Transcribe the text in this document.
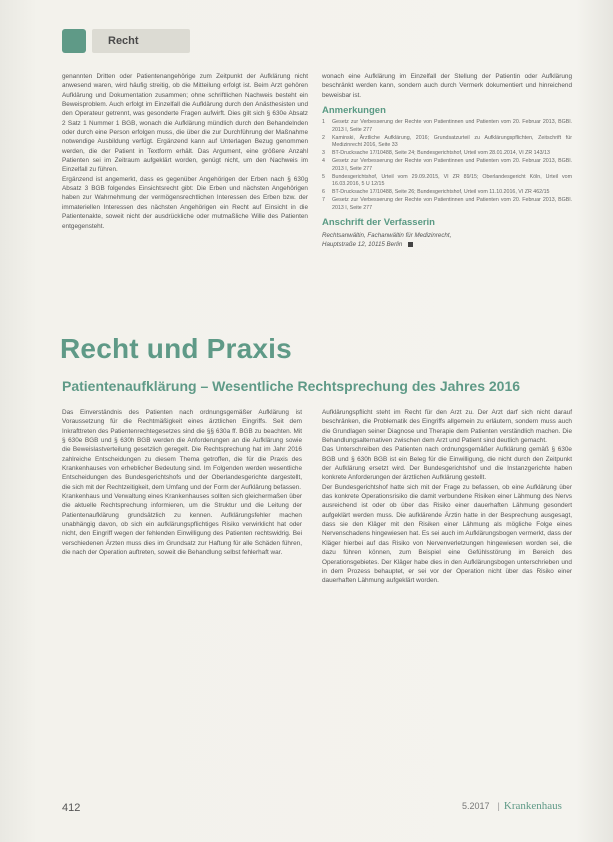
Recht

genannten Dritten oder Patientenangehörige zum Zeitpunkt der Aufklärung nicht anwesend waren, wird häufig streitig, ob die Mitteilung erfolgt ist. Beim Arzt gehören Aufklärung und Dokumentation zusammen; ohne schriftlichen Nachweis besteht ein Beweisproblem. Auch erfolgt im Einzelfall die Aufklärung durch den Anästhesisten und den Operateur getrennt, was gesonderte Fragen aufwirft. Dies gilt sich § 630e Absatz 2 Satz 1 Nummer 1 BGB, wonach die Aufklärung mündlich durch den Behandelnden oder durch eine Person erfolgen muss, die über die zur Durchführung der Maßnahme notwendige Ausbildung verfügt. Ergänzend kann auf Unterlagen Bezug genommen werden, die der Patient in Textform erhält. Das Argument, eine größere Anzahl Patienten sei im Zeitraum aufgeklärt worden, genügt nicht, um den Nachweis im Einzelfall zu führen.

Ergänzend ist angemerkt, dass es gegenüber Angehörigen der Erben nach § 630g Absatz 3 BGB folgendes Einsichtsrecht gibt: Die Erben und nächsten Angehörigen haben zur Wahrnehmung der vermögensrechtlichen Interessen des Erben bzw. der immateriellen Interessen des nächsten Angehörigen ein Recht auf Einsicht in die Patientenakte, soweit nicht der ausdrückliche oder mutmaßliche Wille des Patienten entgegensteht.

wonach eine Aufklärung im Einzelfall der Stellung der Patientin oder Aufklärung beschränkt werden kann, sondern auch durch Vermerk dokumentiert und hinreichend beweisbar ist.

Anmerkungen
1	Gesetz zur Verbesserung der Rechte von Patientinnen und Patienten vom 20. Februar 2013, BGBl. 2013 I, Seite 277
2	Kaminski, Ärztliche Aufklärung, 2016; Grundsatzurteil zu Aufklärungspflichten, Zeitschrift für Medizinrecht 2016, Seite 33
3	BT-Drucksache 17/10488, Seite 24; Bundesgerichtshof, Urteil vom 28.01.2014, VI ZR 143/13
4	Gesetz zur Verbesserung der Rechte von Patientinnen und Patienten vom 20. Februar 2013, BGBl. 2013 I, Seite 277
5	Bundesgerichtshof, Urteil vom 29.09.2015, VI ZR 89/15; Oberlandesgericht Köln, Urteil vom 16.03.2016, 5 U 12/15
6	BT-Drucksache 17/10488, Seite 26; Bundesgerichtshof, Urteil vom 11.10.2016, VI ZR 462/15
7	Gesetz zur Verbesserung der Rechte von Patientinnen und Patienten vom 20. Februar 2013, BGBl. 2013 I, Seite 277
Anschrift der Verfasserin
Rechtsanwältin, Fachanwältin für Medizinrecht,
Hauptstraße 12, 10115 Berlin
Recht und Praxis
Patientenaufklärung – Wesentliche Rechtsprechung des Jahres 2016

Das Einverständnis des Patienten nach ordnungsgemäßer Aufklärung ist Voraussetzung für die Rechtmäßigkeit eines ärztlichen Eingriffs. Seit dem Inkrafttreten des Patientenrechtegesetzes sind die §§ 630a ff. BGB zu beachten. Mit § 630e BGB und § 630h BGB werden die Anforderungen an die Aufklärung sowie die Beweislastverteilung gesetzlich geregelt. Die Rechtsprechung hat im Jahr 2016 zahlreiche Entscheidungen zu diesem Thema getroffen, die für die Praxis des Krankenhauses von erheblicher Bedeutung sind. Im Folgenden werden wesentliche Entscheidungen des Bundesgerichtshofs und der Oberlandesgerichte dargestellt, die sich mit der Rechtzeitigkeit, dem Umfang und der Form der Aufklärung befassen.

Krankenhaus und Verwaltung eines Krankenhauses sollten sich gleichermaßen über die aktuelle Rechtsprechung informieren, um die Struktur und die Leitung der Patientenaufklärung grundsätzlich zu kennen. Aufklärungsfehler machen unabhängig davon, ob sich ein aufklärungspflichtiges Risiko verwirklicht hat oder nicht, den Eingriff wegen der fehlenden Einwilligung des Patienten rechtswidrig. Bei verschiedenen Ärzten muss dies im Grundsatz zur Haftung für alle Schäden führen, die nach der Operation auftreten, soweit die Behandlung selbst fehlerhaft war.

Aufklärungspflicht steht im Recht für den Arzt zu. Der Arzt darf sich nicht darauf beschränken, die Problematik des Eingriffs allgemein zu erläutern, sondern muss auch die Grundlagen seiner Diagnose und Therapie dem Patienten verständlich machen. Die Behandlungsalternativen zwischen dem Arzt und Patient sind deutlich gemacht.

Das Unterschreiben des Patienten nach ordnungsgemäßer Aufklärung gemäß § 630e BGB und § 630h BGB ist ein Beleg für die Einwilligung, die nicht durch den Zeitpunkt der Aufklärung ersetzt wird. Der Bundesgerichtshof und die Instanzgerichte haben konkrete Anforderungen der ärztlichen Aufklärung gestellt.

Der Bundesgerichtshof hatte sich mit der Frage zu befassen, ob eine Aufklärung über das konkrete Operationsrisiko die damit verbundene Risiken einer Lähmung des Nervs ausreichend ist oder ob über das Risiko einer dauerhaften Lähmung gesondert aufgeklärt werden muss. Die aufklärende Ärztin hatte in der Besprechung ausgesagt, dass sie den Kläger mit den Risiken einer Lähmung als mögliche Folge eines Nervenschadens hingewiesen hat. Es sei auch im Aufklärungsbogen vermerkt, dass der Kläger hierbei auf das Risiko von Nervenverletzungen hingewiesen worden sei, die dazu führen können, zum Beispiel eine Gefühlsstörung im Bereich des Operationsgebietes. Der Kläger habe dies in den Aufklärungsbogen unterschrieben und in dem Prozess behauptet, er sei vor der Operation nicht über das Risiko einer dauerhaften Lähmung aufgeklärt worden.

412	5.2017 | Krankenhaus
